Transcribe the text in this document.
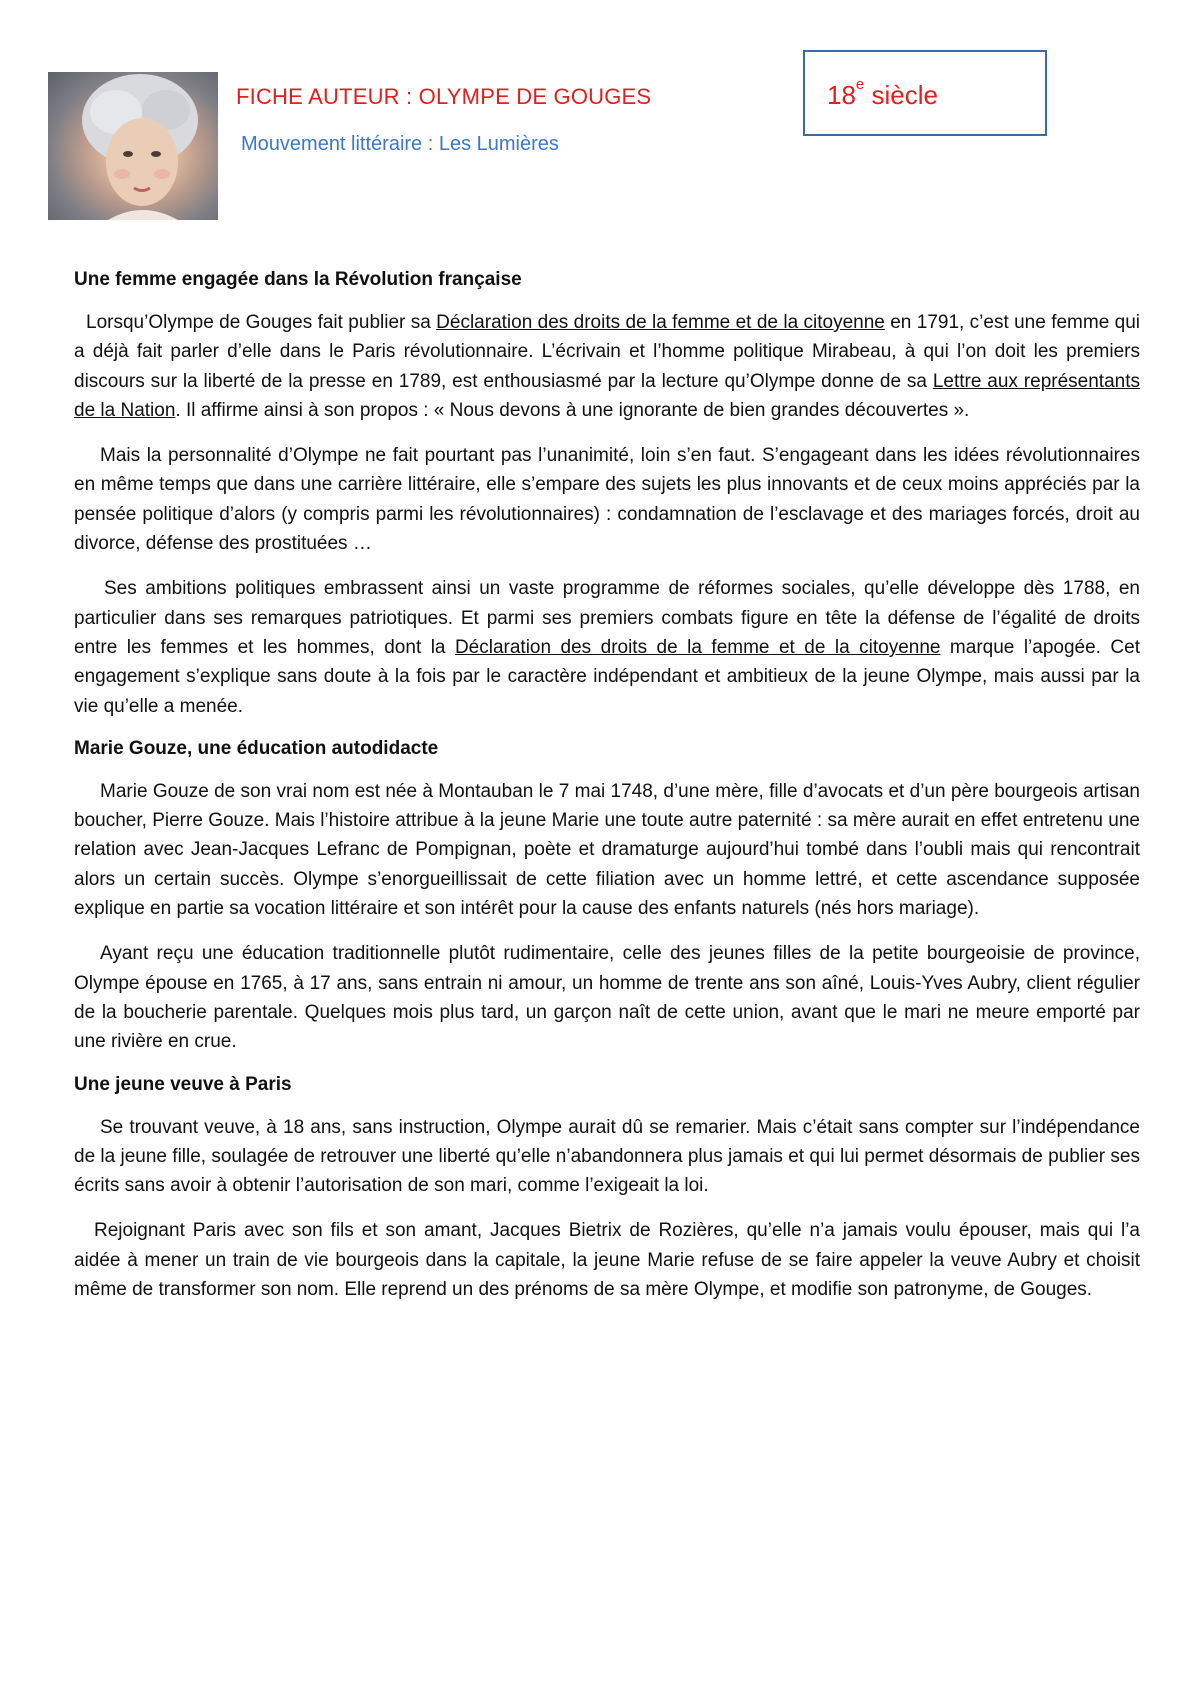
FICHE AUTEUR : OLYMPE DE GOUGES
Mouvement littéraire : Les Lumières
18e siècle
Une femme engagée dans la Révolution française

Lorsqu’Olympe de Gouges fait publier sa Déclaration des droits de la femme et de la citoyenne en 1791, c’est une femme qui a déjà fait parler d’elle dans le Paris révolutionnaire. L’écrivain et l’homme politique Mirabeau, à qui l’on doit les premiers discours sur la liberté de la presse en 1789, est enthousiasmé par la lecture qu’Olympe donne de sa Lettre aux représentants de la Nation. Il affirme ainsi à son propos : « Nous devons à une ignorante de bien grandes découvertes ».

Mais la personnalité d’Olympe ne fait pourtant pas l’unanimité, loin s’en faut. S’engageant dans les idées révolutionnaires en même temps que dans une carrière littéraire, elle s’empare des sujets les plus innovants et de ceux moins appréciés par la pensée politique d’alors (y compris parmi les révolutionnaires) : condamnation de l’esclavage et des mariages forcés, droit au divorce, défense des prostituées …

Ses ambitions politiques embrassent ainsi un vaste programme de réformes sociales, qu’elle développe dès 1788, en particulier dans ses remarques patriotiques. Et parmi ses premiers combats figure en tête la défense de l’égalité de droits entre les femmes et les hommes, dont la Déclaration des droits de la femme et de la citoyenne marque l’apogée. Cet engagement s’explique sans doute à la fois par le caractère indépendant et ambitieux de la jeune Olympe, mais aussi par la vie qu’elle a menée.

Marie Gouze, une éducation autodidacte

Marie Gouze de son vrai nom est née à Montauban le 7 mai 1748, d’une mère, fille d’avocats et d’un père bourgeois artisan boucher, Pierre Gouze. Mais l’histoire attribue à la jeune Marie une toute autre paternité : sa mère aurait en effet entretenu une relation avec Jean-Jacques Lefranc de Pompignan, poète et dramaturge aujourd’hui tombé dans l’oubli mais qui rencontrait alors un certain succès. Olympe s’enorgueillissait de cette filiation avec un homme lettré, et cette ascendance supposée explique en partie sa vocation littéraire et son intérêt pour la cause des enfants naturels (nés hors mariage).

Ayant reçu une éducation traditionnelle plutôt rudimentaire, celle des jeunes filles de la petite bourgeoisie de province, Olympe épouse en 1765, à 17 ans, sans entrain ni amour, un homme de trente ans son aîné, Louis-Yves Aubry, client régulier de la boucherie parentale. Quelques mois plus tard, un garçon naît de cette union, avant que le mari ne meure emporté par une rivière en crue.

Une jeune veuve à Paris

Se trouvant veuve, à 18 ans, sans instruction, Olympe aurait dû se remarier. Mais c’était sans compter sur l’indépendance de la jeune fille, soulagée de retrouver une liberté qu’elle n’abandonnera plus jamais et qui lui permet désormais de publier ses écrits sans avoir à obtenir l’autorisation de son mari, comme l’exigeait la loi.

Rejoignant Paris avec son fils et son amant, Jacques Bietrix de Rozières, qu’elle n’a jamais voulu épouser, mais qui l’a aidée à mener un train de vie bourgeois dans la capitale, la jeune Marie refuse de se faire appeler la veuve Aubry et choisit même de transformer son nom. Elle reprend un des prénoms de sa mère Olympe, et modifie son patronyme, de Gouges.
